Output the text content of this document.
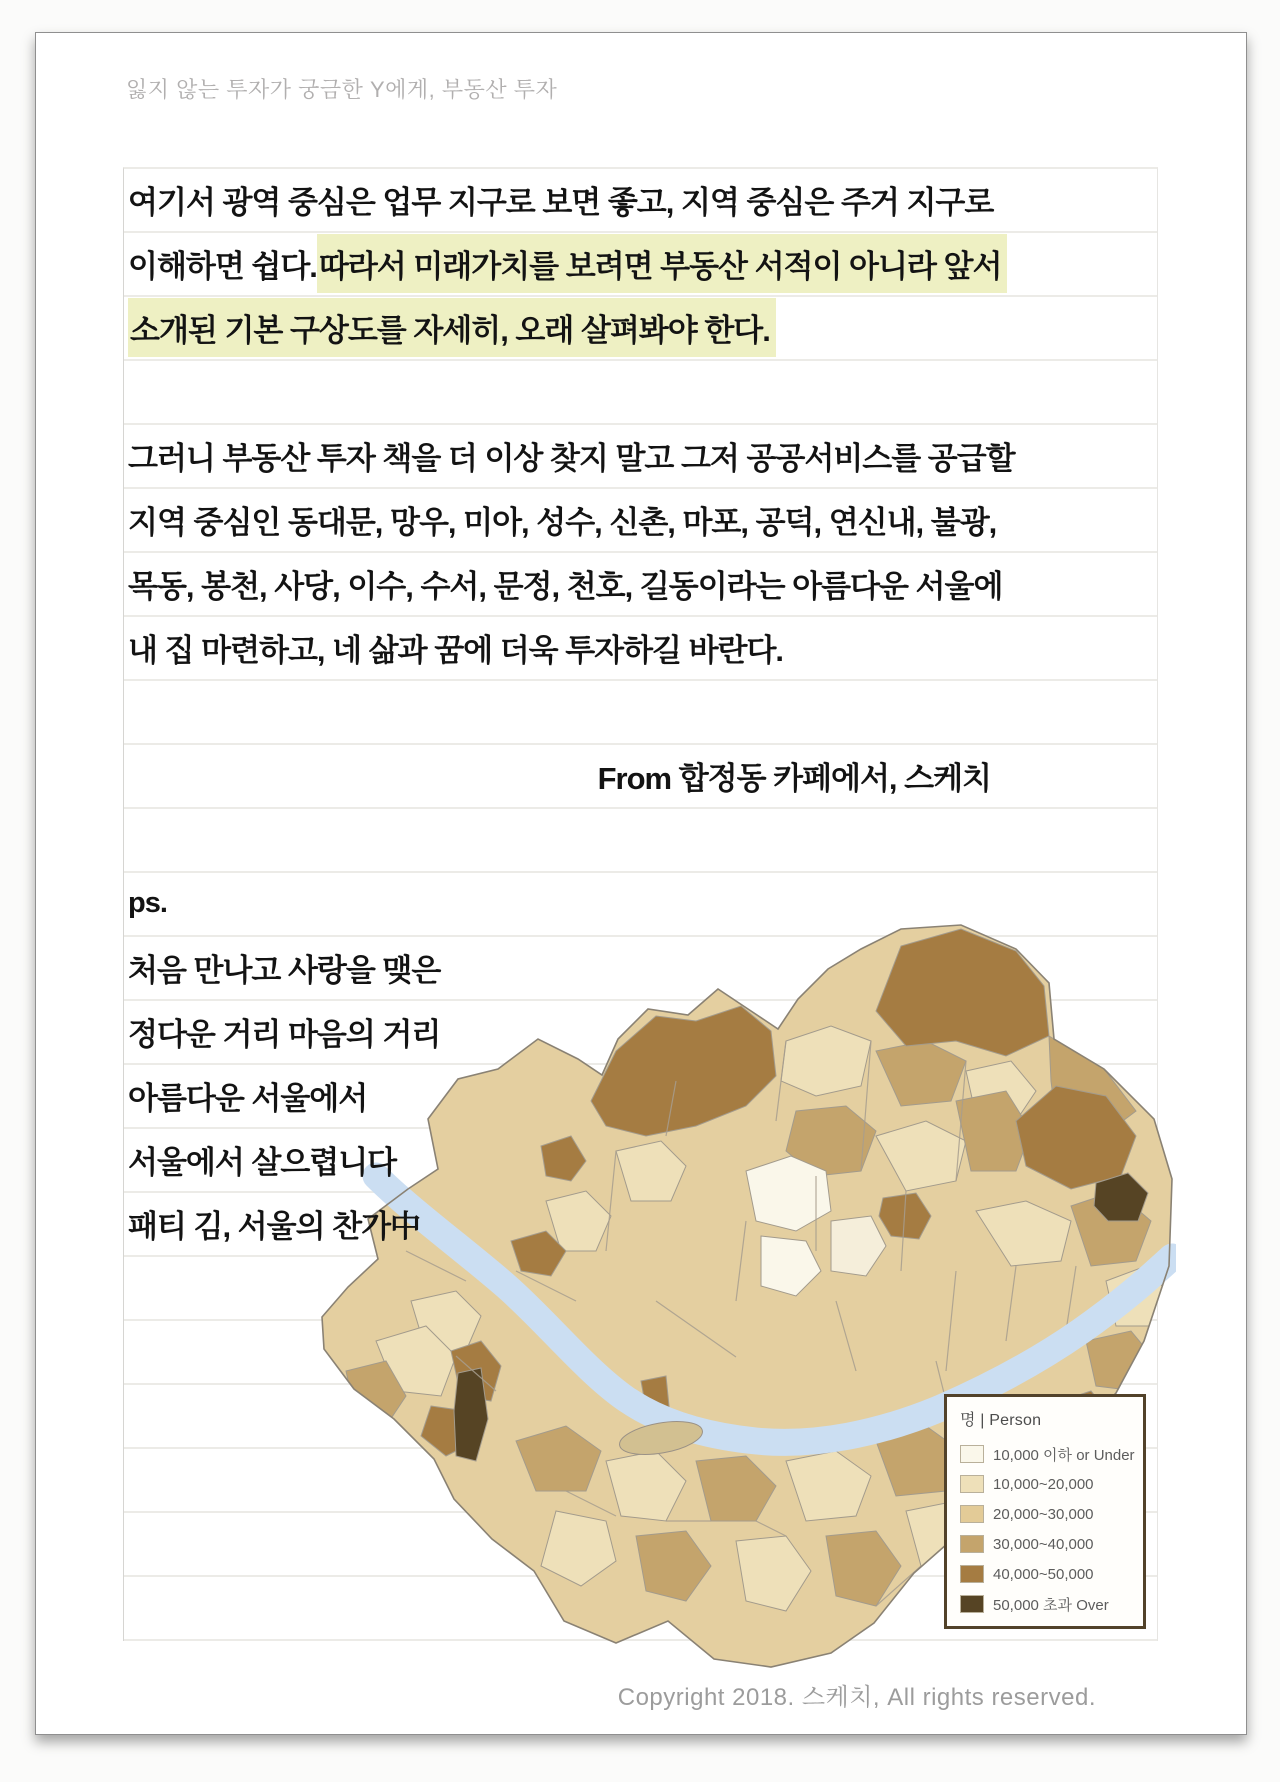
잃지 않는 투자가 궁금한 Y에게, 부동산 투자
여기서 광역 중심은 업무 지구로 보면 좋고, 지역 중심은 주거 지구로
이해하면 쉽다. 따라서 미래가치를 보려면 부동산 서적이 아니라 앞서
소개된 기본 구상도를 자세히, 오래 살펴봐야 한다.
그러니 부동산 투자 책을 더 이상 찾지 말고 그저 공공서비스를 공급할
지역 중심인 동대문, 망우, 미아, 성수, 신촌, 마포, 공덕, 연신내, 불광,
목동, 봉천, 사당, 이수, 수서, 문정, 천호, 길동이라는 아름다운 서울에
내 집 마련하고, 네 삶과 꿈에 더욱 투자하길 바란다.
From 합정동 카페에서, 스케치
ps.
처음 만나고 사랑을 맺은
정다운 거리 마음의 거리
아름다운 서울에서
서울에서 살으렵니다
패티 김, 서울의 찬가中
명 | Person
10,000 이하 or Under
10,000~20,000
20,000~30,000
30,000~40,000
40,000~50,000
50,000 초과 Over
Copyright 2018. 스케치, All rights reserved.
